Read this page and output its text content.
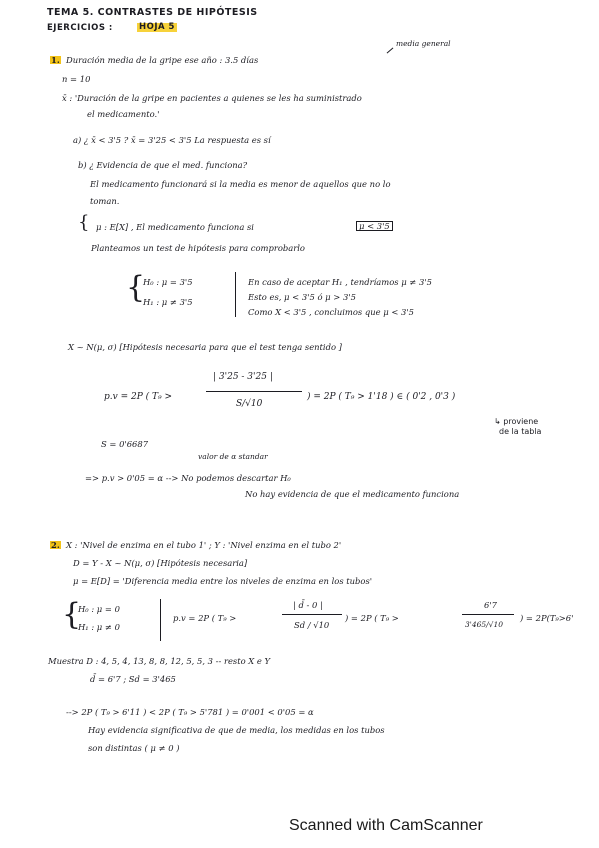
TEMA 5. CONTRASTES DE HIPÓTESIS
EJERCICIOS :	HOJA 5
media general
1. Duración media de la gripe ese año : 3.5 días
n = 10
x̄ : 'Duración de la gripe en pacientes a quienes se les ha suministrado
el medicamento.'
a) ¿ x̄ < 3'5 ? x̄ = 3'25 < 3'5 La respuesta es sí
b) ¿ Evidencia de que el med. funciona?
El medicamento funcionará si la media es menor de aquellos que no lo
toman.
{ μ : E[X] , El medicamento funciona si	μ < 3'5
Planteamos un test de hipótesis para comprobarlo
{
H₀ : μ = 3'5
H₁ : μ ≠ 3'5
En caso de aceptar H₁ , tendríamos μ ≠ 3'5
Esto es, μ < 3'5 ó μ > 3'5
Como X < 3'5 , concluimos que μ < 3'5
X ~ N(μ, σ) [Hipótesis necesaria para que el test tenga sentido ]
p.v = 2P ( T₉ >
| 3'25 - 3'25 |
S/√10
) = 2P ( T₉ > 1'18 ) ∈ ( 0'2 , 0'3 )
↳ proviene
de la tabla
S = 0'6687
valor de α standar
=> p.v > 0'05 = α --> No podemos descartar H₀
No hay evidencia de que el medicamento funciona
2. X : 'Nivel de enzima en el tubo 1' ; Y : 'Nivel enzima en el tubo 2'
D = Y - X ~ N(μ, σ) [Hipótesis necesaria]
μ = E[D] = 'Diferencia media entre los niveles de enzima en los tubos'
{
H₀ : μ = 0
H₁ : μ ≠ 0
p.v = 2P ( T₉ >
| d̄ - 0 |
Sd / √10
) = 2P ( T₉ >
6'7
3'465/√10
) = 2P(T₉>6'
Muestra D : 4, 5, 4, 13, 8, 8, 12, 5, 5, 3 -- resto X e Y
d̄ = 6'7 ; Sd = 3'465
--> 2P ( T₉ > 6'11 ) < 2P ( T₉ > 5'781 ) = 0'001 < 0'05 = α
Hay evidencia significativa de que de media, los medidas en los tubos
son distintas ( μ ≠ 0 )
Scanned with CamScanner
